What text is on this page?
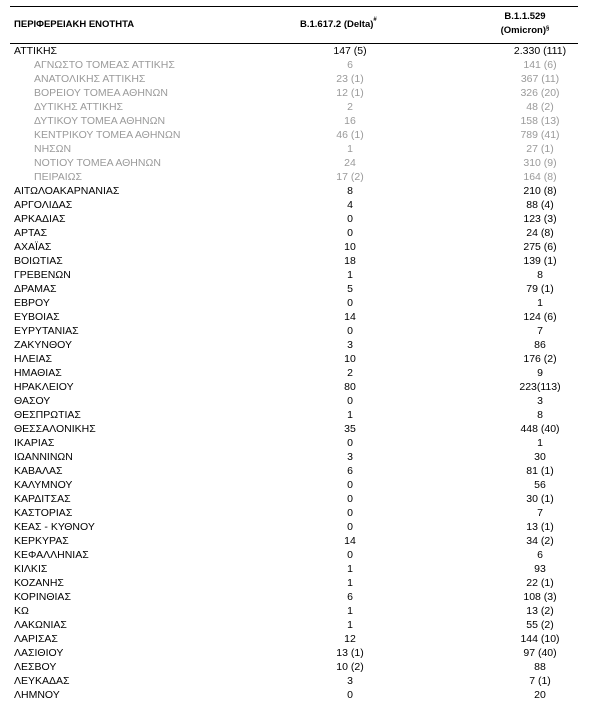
ΠΕΡΙΦΕΡΕΙΑΚΗ ΕΝΟΤΗΤΑ	B.1.617.2 (Delta)#	B.1.1.529
(Omicron)§
ΑΤΤΙΚΗΣ	147 (5)	2.330 (111)
ΑΓΝΩΣΤΟ ΤΟΜΕΑΣ ΑΤΤΙΚΗΣ	6	141 (6)
ΑΝΑΤΟΛΙΚΗΣ ΑΤΤΙΚΗΣ	23 (1)	367 (11)
ΒΟΡΕΙΟΥ ΤΟΜΕΑ ΑΘΗΝΩΝ	12 (1)	326 (20)
ΔΥΤΙΚΗΣ ΑΤΤΙΚΗΣ	2	48 (2)
ΔΥΤΙΚΟΥ ΤΟΜΕΑ ΑΘΗΝΩΝ	16	158 (13)
ΚΕΝΤΡΙΚΟΥ ΤΟΜΕΑ ΑΘΗΝΩΝ	46 (1)	789 (41)
ΝΗΣΩΝ	1	27 (1)
ΝΟΤΙΟΥ ΤΟΜΕΑ ΑΘΗΝΩΝ	24	310 (9)
ΠΕΙΡΑΙΩΣ	17 (2)	164 (8)
ΑΙΤΩΛΟΑΚΑΡΝΑΝΙΑΣ	8	210 (8)
ΑΡΓΟΛΙΔΑΣ	4	88 (4)
ΑΡΚΑΔΙΑΣ	0	123 (3)
ΑΡΤΑΣ	0	24 (8)
ΑΧΑΪΑΣ	10	275 (6)
ΒΟΙΩΤΙΑΣ	18	139 (1)
ΓΡΕΒΕΝΩΝ	1	8
ΔΡΑΜΑΣ	5	79 (1)
ΕΒΡΟΥ	0	1
ΕΥΒΟΙΑΣ	14	124 (6)
ΕΥΡΥΤΑΝΙΑΣ	0	7
ΖΑΚΥΝΘΟΥ	3	86
ΗΛΕΙΑΣ	10	176 (2)
ΗΜΑΘΙΑΣ	2	9
ΗΡΑΚΛΕΙΟΥ	80	223(113)
ΘΑΣΟΥ	0	3
ΘΕΣΠΡΩΤΙΑΣ	1	8
ΘΕΣΣΑΛΟΝΙΚΗΣ	35	448 (40)
ΙΚΑΡΙΑΣ	0	1
ΙΩΑΝΝΙΝΩΝ	3	30
ΚΑΒΑΛΑΣ	6	81 (1)
ΚΑΛΥΜΝΟΥ	0	56
ΚΑΡΔΙΤΣΑΣ	0	30 (1)
ΚΑΣΤΟΡΙΑΣ	0	7
ΚΕΑΣ - ΚΥΘΝΟΥ	0	13 (1)
ΚΕΡΚΥΡΑΣ	14	34 (2)
ΚΕΦΑΛΛΗΝΙΑΣ	0	6
ΚΙΛΚΙΣ	1	93
ΚΟΖΑΝΗΣ	1	22 (1)
ΚΟΡΙΝΘΙΑΣ	6	108 (3)
ΚΩ	1	13 (2)
ΛΑΚΩΝΙΑΣ	1	55 (2)
ΛΑΡΙΣΑΣ	12	144 (10)
ΛΑΣΙΘΙΟΥ	13 (1)	97 (40)
ΛΕΣΒΟΥ	10 (2)	88
ΛΕΥΚΑΔΑΣ	3	7 (1)
ΛΗΜΝΟΥ	0	20
